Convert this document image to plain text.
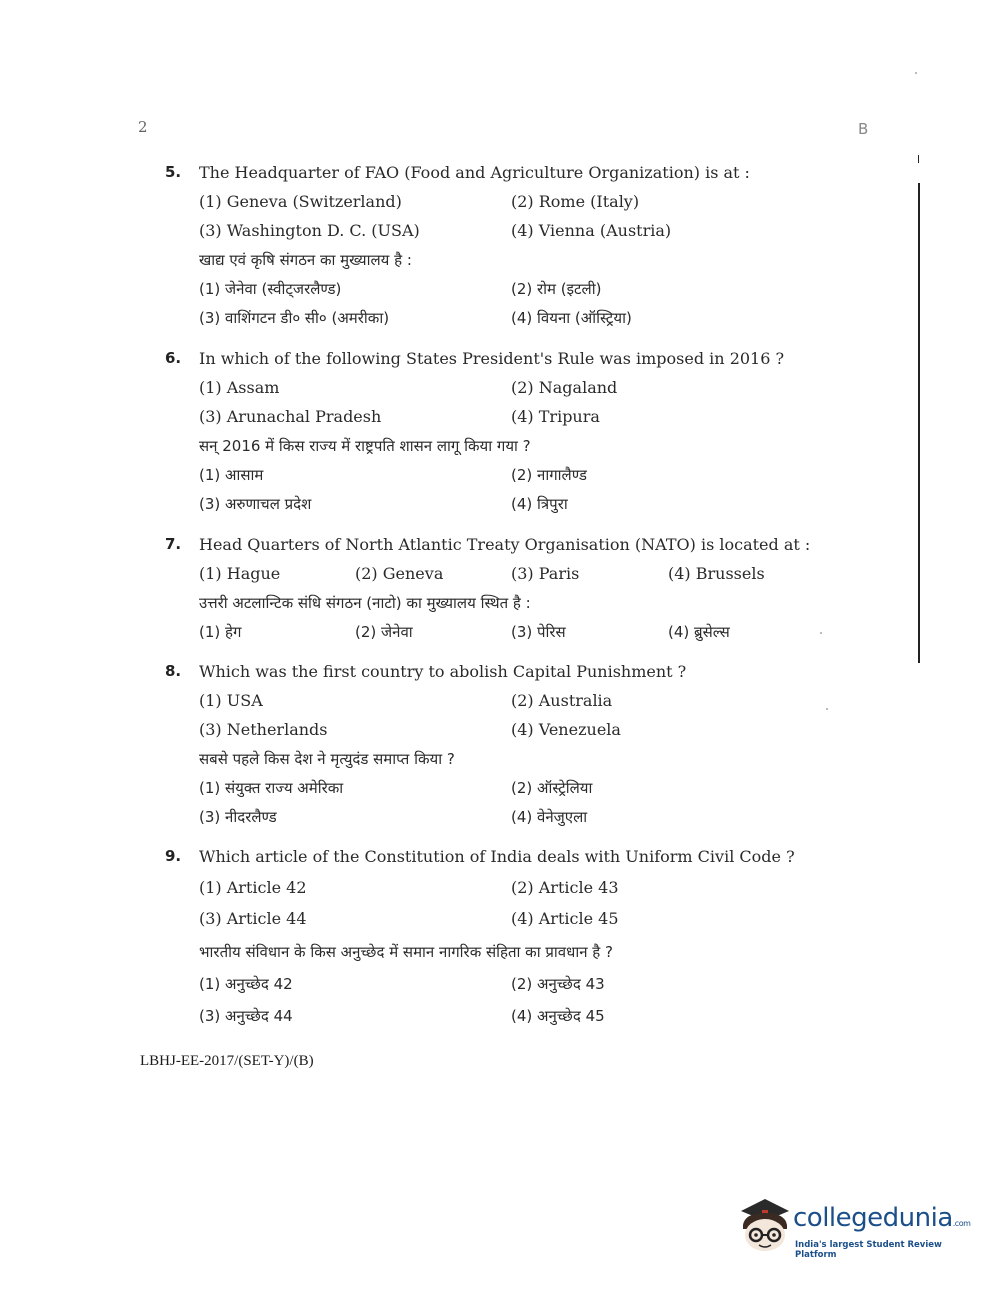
2	B
5. The Headquarter of FAO (Food and Agriculture Organization) is at :
(1) Geneva (Switzerland)	(2) Rome (Italy)
(3) Washington D. C. (USA)	(4) Vienna (Austria)
खाद्य एवं कृषि संगठन का मुख्यालय है :
(1) जेनेवा (स्वीट्जरलैण्ड)	(2) रोम (इटली)
(3) वाशिंगटन डी० सी० (अमरीका)	(4) वियना (ऑस्ट्रिया)
6. In which of the following States President's Rule was imposed in 2016 ?
(1) Assam	(2) Nagaland
(3) Arunachal Pradesh	(4) Tripura
सन् 2016 में किस राज्य में राष्ट्रपति शासन लागू किया गया ?
(1) आसाम	(2) नागालैण्ड
(3) अरुणाचल प्रदेश	(4) त्रिपुरा
7. Head Quarters of North Atlantic Treaty Organisation (NATO) is located at :
(1) Hague	(2) Geneva	(3) Paris	(4) Brussels
उत्तरी अटलान्टिक संधि संगठन (नाटो) का मुख्यालय स्थित है :
(1) हेग	(2) जेनेवा	(3) पेरिस	(4) ब्रुसेल्स
8. Which was the first country to abolish Capital Punishment ?
(1) USA	(2) Australia
(3) Netherlands	(4) Venezuela
सबसे पहले किस देश ने मृत्युदंड समाप्त किया ?
(1) संयुक्त राज्य अमेरिका	(2) ऑस्ट्रेलिया
(3) नीदरलैण्ड	(4) वेनेजुएला
9. Which article of the Constitution of India deals with Uniform Civil Code ?
(1) Article 42	(2) Article 43
(3) Article 44	(4) Article 45
भारतीय संविधान के किस अनुच्छेद में समान नागरिक संहिता का प्रावधान है ?
(1) अनुच्छेद 42	(2) अनुच्छेद 43
(3) अनुच्छेद 44	(4) अनुच्छेद 45
LBHJ-EE-2017/(SET-Y)/(B)
collegedunia.com
India's largest Student Review Platform
